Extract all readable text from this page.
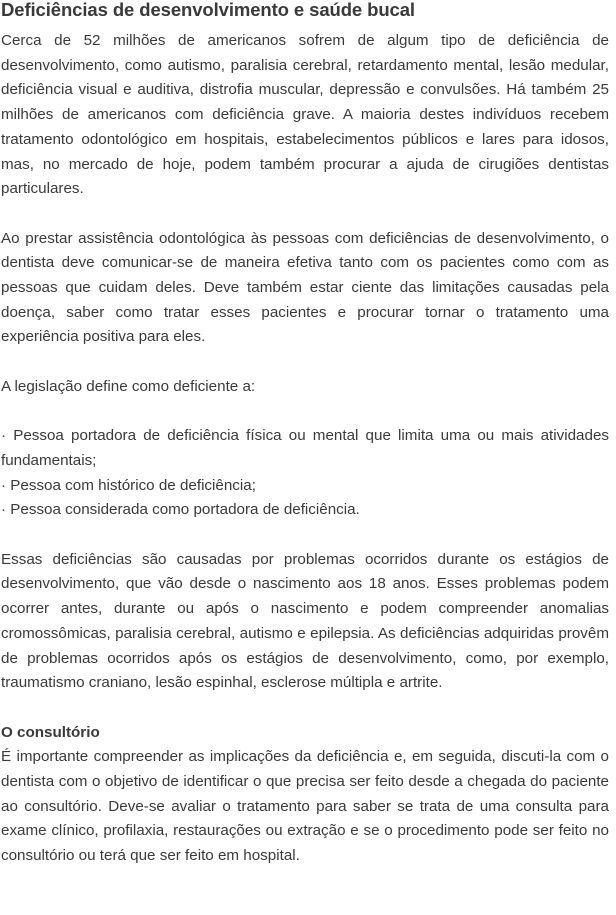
Deficiências de desenvolvimento e saúde bucal

Cerca de 52 milhões de americanos sofrem de algum tipo de deficiência de desenvolvimento, como autismo, paralisia cerebral, retardamento mental, lesão medular, deficiência visual e auditiva, distrofia muscular, depressão e convulsões. Há também 25 milhões de americanos com deficiência grave. A maioria destes indivíduos recebem tratamento odontológico em hospitais, estabelecimentos públicos e lares para idosos, mas, no mercado de hoje, podem também procurar a ajuda de cirugiões dentistas particulares.

Ao prestar assistência odontológica às pessoas com deficiências de desenvolvimento, o dentista deve comunicar-se de maneira efetiva tanto com os pacientes como com as pessoas que cuidam deles. Deve também estar ciente das limitações causadas pela doença, saber como tratar esses pacientes e procurar tornar o tratamento uma experiência positiva para eles.

A legislação define como deficiente a:

· Pessoa portadora de deficiência física ou mental que limita uma ou mais atividades fundamentais;

· Pessoa com histórico de deficiência;

· Pessoa considerada como portadora de deficiência.

Essas deficiências são causadas por problemas ocorridos durante os estágios de desenvolvimento, que vão desde o nascimento aos 18 anos. Esses problemas podem ocorrer antes, durante ou após o nascimento e podem compreender anomalias cromossômicas, paralisia cerebral, autismo e epilepsia. As deficiências adquiridas provêm de problemas ocorridos após os estágios de desenvolvimento, como, por exemplo, traumatismo craniano, lesão espinhal, esclerose múltipla e artrite.

O consultório

É importante compreender as implicações da deficiência e, em seguida, discuti-la com o dentista com o objetivo de identificar o que precisa ser feito desde a chegada do paciente ao consultório. Deve-se avaliar o tratamento para saber se trata de uma consulta para exame clínico, profilaxia, restaurações ou extração e se o procedimento pode ser feito no consultório ou terá que ser feito em hospital.
